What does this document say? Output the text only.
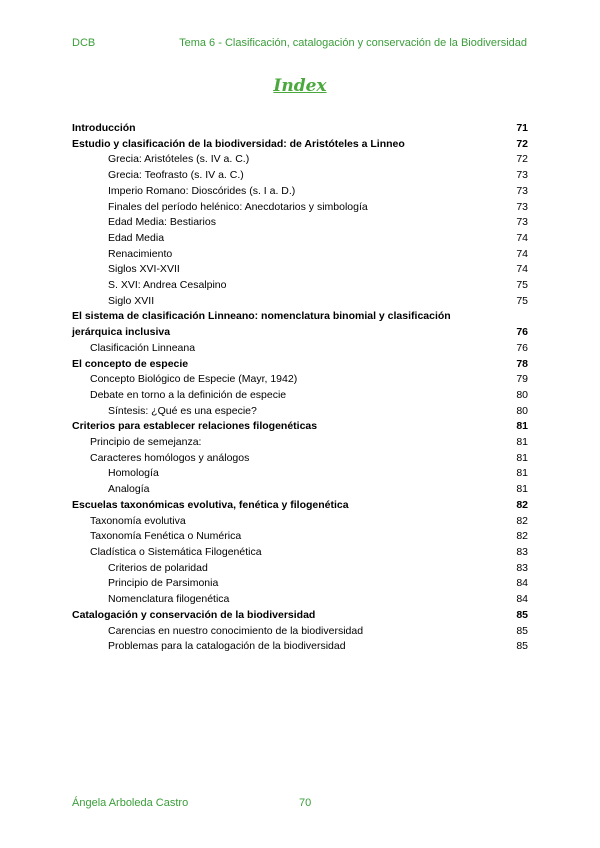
DCB	Tema 6 - Clasificación, catalogación y conservación de la Biodiversidad
Index
Introducción	71
Estudio y clasificación de la biodiversidad: de Aristóteles a Linneo	72
Grecia: Aristóteles (s. IV a. C.)	72
Grecia: Teofrasto (s. IV a. C.)	73
Imperio Romano: Dioscórides (s. I a. D.)	73
Finales del período helénico: Anecdotarios y simbología	73
Edad Media: Bestiarios	73
Edad Media	74
Renacimiento	74
Siglos XVI-XVII	74
S. XVI: Andrea Cesalpino	75
Siglo XVII	75
El sistema de clasificación Linneano: nomenclatura binomial y clasificación jerárquica inclusiva	76
Clasificación Linneana	76
El concepto de especie	78
Concepto Biológico de Especie (Mayr, 1942)	79
Debate en torno a la definición de especie	80
Síntesis: ¿Qué es una especie?	80
Criterios para establecer relaciones filogenéticas	81
Principio de semejanza:	81
Caracteres homólogos y análogos	81
Homología	81
Analogía	81
Escuelas taxonómicas evolutiva, fenética y filogenética	82
Taxonomía evolutiva	82
Taxonomía Fenética o Numérica	82
Cladística o Sistemática Filogenética	83
Criterios de polaridad	83
Principio de Parsimonia	84
Nomenclatura filogenética	84
Catalogación y conservación de la biodiversidad	85
Carencias en nuestro conocimiento de la biodiversidad	85
Problemas para la catalogación de la biodiversidad	85
Ángela Arboleda Castro	70
